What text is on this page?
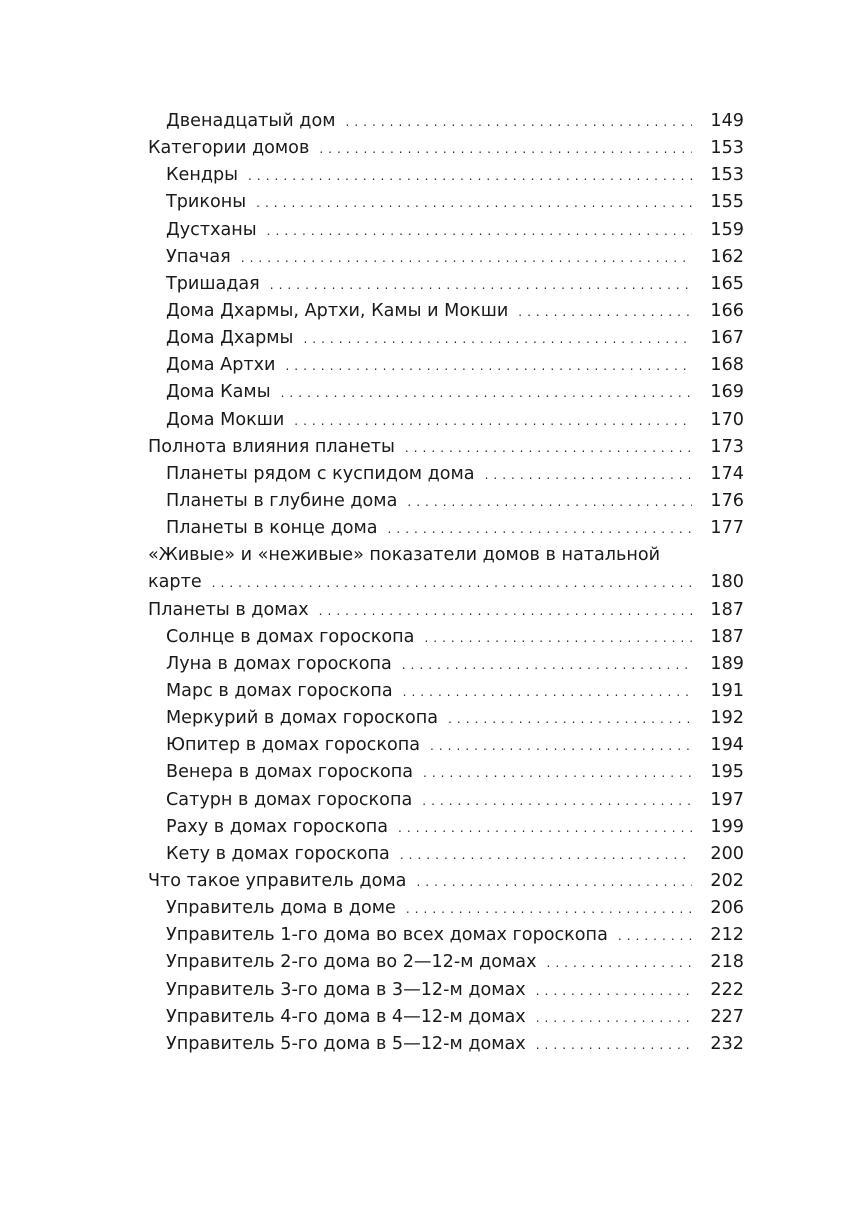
Двенадцатый дом . . .	149
Категории домов . . .	153
Кендры . . .	153
Триконы . . .	155
Дустханы . . .	159
Упачая . . .	162
Тришадая . . .	165
Дома Дхармы, Артхи, Камы и Мокши . . .	166
Дома Дхармы . . .	167
Дома Артхи . . .	168
Дома Камы . . .	169
Дома Мокши . . .	170
Полнота влияния планеты . . .	173
Планеты рядом с куспидом дома . . .	174
Планеты в глубине дома . . .	176
Планеты в конце дома . . .	177
«Живые» и «неживые» показатели домов в натальной
карте . . .	180
Планеты в домах . . .	187
Солнце в домах гороскопа . . .	187
Луна в домах гороскопа . . .	189
Марс в домах гороскопа . . .	191
Меркурий в домах гороскопа . . .	192
Юпитер в домах гороскопа . . .	194
Венера в домах гороскопа . . .	195
Сатурн в домах гороскопа . . .	197
Раху в домах гороскопа . . .	199
Кету в домах гороскопа . . .	200
Что такое управитель дома . . .	202
Управитель дома в доме . . .	206
Управитель 1-го дома во всех домах гороскопа . . .	212
Управитель 2-го дома во 2—12-м домах . . .	218
Управитель 3-го дома в 3—12-м домах . . .	222
Управитель 4-го дома в 4—12-м домах . . .	227
Управитель 5-го дома в 5—12-м домах . . .	232
